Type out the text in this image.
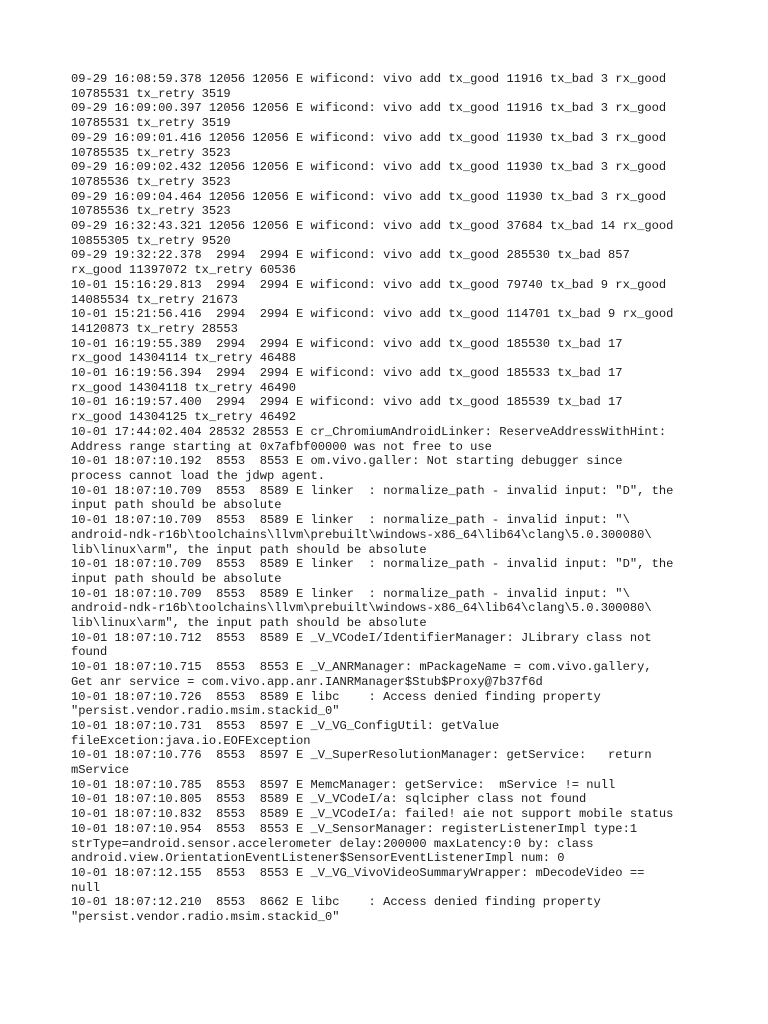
09-29 16:08:59.378 12056 12056 E wificond: vivo add tx_good 11916 tx_bad 3 rx_good
10785531 tx_retry 3519
09-29 16:09:00.397 12056 12056 E wificond: vivo add tx_good 11916 tx_bad 3 rx_good
10785531 tx_retry 3519
09-29 16:09:01.416 12056 12056 E wificond: vivo add tx_good 11930 tx_bad 3 rx_good
10785535 tx_retry 3523
09-29 16:09:02.432 12056 12056 E wificond: vivo add tx_good 11930 tx_bad 3 rx_good
10785536 tx_retry 3523
09-29 16:09:04.464 12056 12056 E wificond: vivo add tx_good 11930 tx_bad 3 rx_good
10785536 tx_retry 3523
09-29 16:32:43.321 12056 12056 E wificond: vivo add tx_good 37684 tx_bad 14 rx_good
10855305 tx_retry 9520
09-29 19:32:22.378  2994  2994 E wificond: vivo add tx_good 285530 tx_bad 857
rx_good 11397072 tx_retry 60536
10-01 15:16:29.813  2994  2994 E wificond: vivo add tx_good 79740 tx_bad 9 rx_good
14085534 tx_retry 21673
10-01 15:21:56.416  2994  2994 E wificond: vivo add tx_good 114701 tx_bad 9 rx_good
14120873 tx_retry 28553
10-01 16:19:55.389  2994  2994 E wificond: vivo add tx_good 185530 tx_bad 17
rx_good 14304114 tx_retry 46488
10-01 16:19:56.394  2994  2994 E wificond: vivo add tx_good 185533 tx_bad 17
rx_good 14304118 tx_retry 46490
10-01 16:19:57.400  2994  2994 E wificond: vivo add tx_good 185539 tx_bad 17
rx_good 14304125 tx_retry 46492
10-01 17:44:02.404 28532 28553 E cr_ChromiumAndroidLinker: ReserveAddressWithHint:
Address range starting at 0x7afbf00000 was not free to use
10-01 18:07:10.192  8553  8553 E om.vivo.galler: Not starting debugger since
process cannot load the jdwp agent.
10-01 18:07:10.709  8553  8589 E linker  : normalize_path - invalid input: "D", the
input path should be absolute
10-01 18:07:10.709  8553  8589 E linker  : normalize_path - invalid input: "\
android-ndk-r16b\toolchains\llvm\prebuilt\windows-x86_64\lib64\clang\5.0.300080\
lib\linux\arm", the input path should be absolute
10-01 18:07:10.709  8553  8589 E linker  : normalize_path - invalid input: "D", the
input path should be absolute
10-01 18:07:10.709  8553  8589 E linker  : normalize_path - invalid input: "\
android-ndk-r16b\toolchains\llvm\prebuilt\windows-x86_64\lib64\clang\5.0.300080\
lib\linux\arm", the input path should be absolute
10-01 18:07:10.712  8553  8589 E _V_VCodeI/IdentifierManager: JLibrary class not
found
10-01 18:07:10.715  8553  8553 E _V_ANRManager: mPackageName = com.vivo.gallery,
Get anr service = com.vivo.app.anr.IANRManager$Stub$Proxy@7b37f6d
10-01 18:07:10.726  8553  8589 E libc    : Access denied finding property
"persist.vendor.radio.msim.stackid_0"
10-01 18:07:10.731  8553  8597 E _V_VG_ConfigUtil: getValue
fileExcetion:java.io.EOFException
10-01 18:07:10.776  8553  8597 E _V_SuperResolutionManager: getService:   return
mService
10-01 18:07:10.785  8553  8597 E MemcManager: getService:  mService != null
10-01 18:07:10.805  8553  8589 E _V_VCodeI/a: sqlcipher class not found
10-01 18:07:10.832  8553  8589 E _V_VCodeI/a: failed! aie not support mobile status
10-01 18:07:10.954  8553  8553 E _V_SensorManager: registerListenerImpl type:1
strType=android.sensor.accelerometer delay:200000 maxLatency:0 by: class
android.view.OrientationEventListener$SensorEventListenerImpl num: 0
10-01 18:07:12.155  8553  8553 E _V_VG_VivoVideoSummaryWrapper: mDecodeVideo ==
null
10-01 18:07:12.210  8553  8662 E libc    : Access denied finding property
"persist.vendor.radio.msim.stackid_0"
